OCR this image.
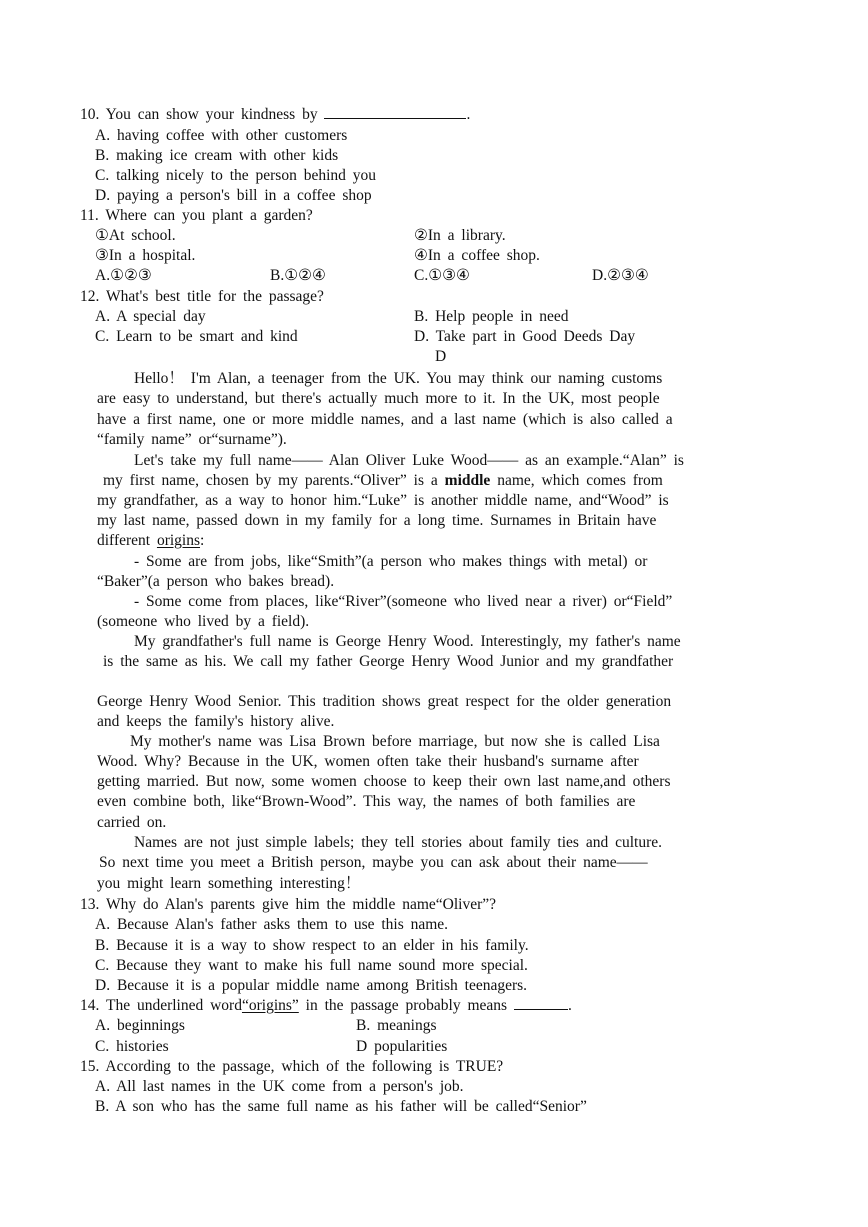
10. You can show your kindness by	.
A. having coffee with other customers
B. making ice cream with other kids
C. talking nicely to the person behind you
D. paying a person's bill in a coffee shop
11. Where can you plant a garden?
①At school.	②In a library.
③In a hospital.	④In a coffee shop.
A.①②③	B.①②④	C.①③④	D.②③④
12. What's best title for the passage?
A. A special day	B. Help people in need
C. Learn to be smart and kind	D. Take part in Good Deeds Day
D
Hello！ I'm Alan, a teenager from the UK. You may think our naming customs
are easy to understand, but there's actually much more to it. In the UK, most people
have a first name, one or more middle names, and a last name (which is also called a
“family name” or“surname”).
Let's take my full name—— Alan Oliver Luke Wood—— as an example.“Alan” is
my first name, chosen by my parents.“Oliver” is a middle name, which comes from
my grandfather, as a way to honor him.“Luke” is another middle name, and“Wood” is
my last name, passed down in my family for a long time. Surnames in Britain have
different origins:
- Some are from jobs, like“Smith”(a person who makes things with metal) or
“Baker”(a person who bakes bread).
- Some come from places, like“River”(someone who lived near a river) or“Field”
(someone who lived by a field).
My grandfather's full name is George Henry Wood. Interestingly, my father's name
is the same as his. We call my father George Henry Wood Junior and my grandfather
George Henry Wood Senior. This tradition shows great respect for the older generation
and keeps the family's history alive.
My mother's name was Lisa Brown before marriage, but now she is called Lisa
Wood. Why? Because in the UK, women often take their husband's surname after
getting married. But now, some women choose to keep their own last name,and others
even combine both, like“Brown-Wood”. This way, the names of both families are
carried on.
Names are not just simple labels; they tell stories about family ties and culture.
So next time you meet a British person, maybe you can ask about their name——
you might learn something interesting！
13. Why do Alan's parents give him the middle name“Oliver”?
A. Because Alan's father asks them to use this name.
B. Because it is a way to show respect to an elder in his family.
C. Because they want to make his full name sound more special.
D. Because it is a popular middle name among British teenagers.
14. The underlined word“origins” in the passage probably means	.
A. beginnings	B. meanings
C. histories	D popularities
15. According to the passage, which of the following is TRUE?
A. All last names in the UK come from a person's job.
B. A son who has the same full name as his father will be called“Senior”
